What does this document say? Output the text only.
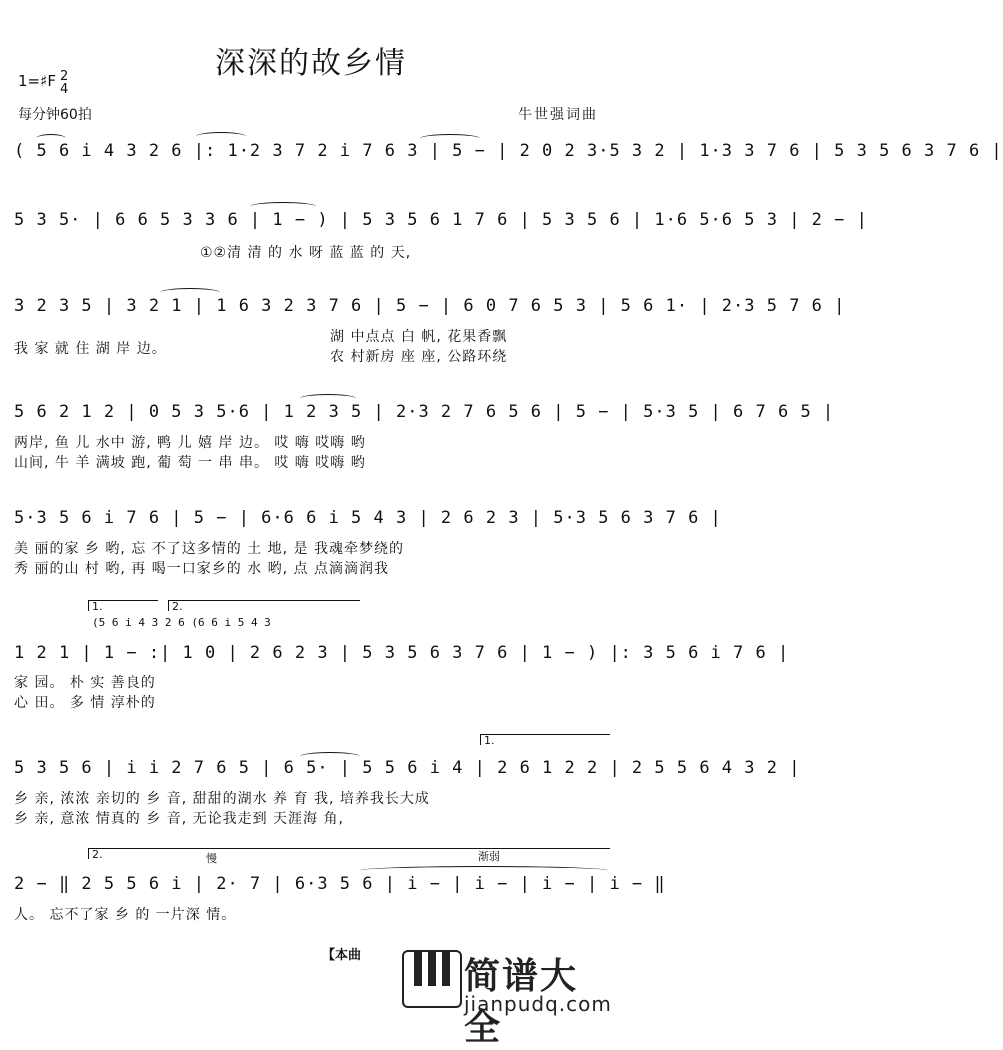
深深的故乡情
1=♯F 2
4
每分钟60拍	牛世强词曲
( 5 6 i 4 3 2 6 |: 1·2 3 7 2 i 7 6 3 | 5 − | 2 0 2 3·5 3 2 | 1·3 3 7 6 | 5 3 5 6 3 7 6 |
5 3 5· | 6 6 5 3 3 6 | 1 − ) | 5 3 5 6 1 7 6 | 5 3 5 6 | 1·6 5·6 5 3 | 2 − |
①②清 清 的 水 呀 蓝 蓝 的 天,
3 2 3 5 | 3 2 1 | 1 6 3 2 3 7 6 | 5 − | 6 0 7 6 5 3 | 5 6 1· | 2·3 5 7 6 |
我 家 就 住 湖 岸 边。
湖 中点点 白 帆, 花果香飘
农 村新房 座 座, 公路环绕
5 6 2 1 2 | 0 5 3 5·6 | 1 2 3 5 | 2·3 2 7 6 5 6 | 5 − | 5·3 5 | 6 7 6 5 |
两岸, 鱼 儿 水中 游, 鸭 儿 嬉 岸 边。 哎 嗨 哎嗨 哟
山间, 牛 羊 满坡 跑, 葡 萄 一 串 串。 哎 嗨 哎嗨 哟
5·3 5 6 i 7 6 | 5 − | 6·6 6 i 5 4 3 | 2 6 2 3 | 5·3 5 6 3 7 6 |
美 丽的家 乡 哟, 忘 不了这多情的 土 地, 是 我魂牵梦绕的
秀 丽的山 村 哟, 再 喝一口家乡的 水 哟, 点 点滴滴润我
1.	2.
(5 6 i 4 3 2 6 (6 6 i 5 4 3
1 2 1 | 1 − :| 1 0 | 2 6 2 3 | 5 3 5 6 3 7 6 | 1 − ) |: 3 5 6 i 7 6 |
家 园。 朴 实 善良的
心 田。 多 情 淳朴的
1.
5 3 5 6 | i i 2 7 6 5 | 6 5· | 5 5 6 i 4 | 2 6 1 2 2 | 2 5 5 6 4 3 2 |
乡 亲, 浓浓 亲切的 乡 音, 甜甜的湖水 养 育 我, 培养我长大成
乡 亲, 意浓 情真的 乡 音, 无论我走到 天涯海 角,
2.	慢	渐弱
2 − ‖ 2 5 5 6 i | 2· 7 | 6·3 5 6 | i − | i − | i − | i − ‖
人。 忘不了家 乡 的 一片深 情。
【本曲
简谱大全
jianpudq.com
